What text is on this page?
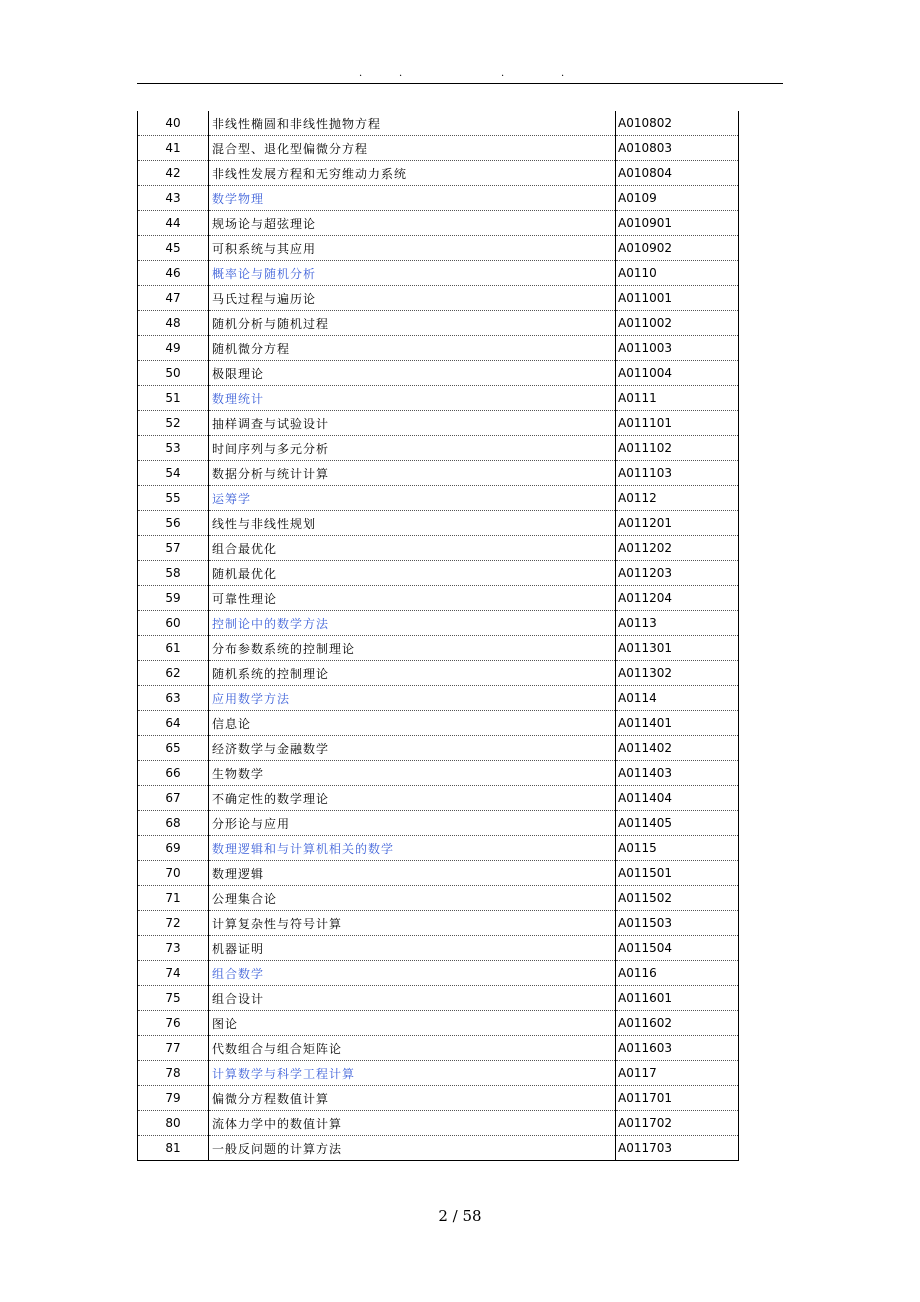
.	.	.	.
40	非线性椭圆和非线性抛物方程	A010802
41	混合型、退化型偏微分方程	A010803
42	非线性发展方程和无穷维动力系统	A010804
43	数学物理	A0109
44	规场论与超弦理论	A010901
45	可积系统与其应用	A010902
46	概率论与随机分析	A0110
47	马氏过程与遍历论	A011001
48	随机分析与随机过程	A011002
49	随机微分方程	A011003
50	极限理论	A011004
51	数理统计	A0111
52	抽样调查与试验设计	A011101
53	时间序列与多元分析	A011102
54	数据分析与统计计算	A011103
55	运筹学	A0112
56	线性与非线性规划	A011201
57	组合最优化	A011202
58	随机最优化	A011203
59	可靠性理论	A011204
60	控制论中的数学方法	A0113
61	分布参数系统的控制理论	A011301
62	随机系统的控制理论	A011302
63	应用数学方法	A0114
64	信息论	A011401
65	经济数学与金融数学	A011402
66	生物数学	A011403
67	不确定性的数学理论	A011404
68	分形论与应用	A011405
69	数理逻辑和与计算机相关的数学	A0115
70	数理逻辑	A011501
71	公理集合论	A011502
72	计算复杂性与符号计算	A011503
73	机器证明	A011504
74	组合数学	A0116
75	组合设计	A011601
76	图论	A011602
77	代数组合与组合矩阵论	A011603
78	计算数学与科学工程计算	A0117
79	偏微分方程数值计算	A011701
80	流体力学中的数值计算	A011702
81	一般反问题的计算方法	A011703
2 / 58
